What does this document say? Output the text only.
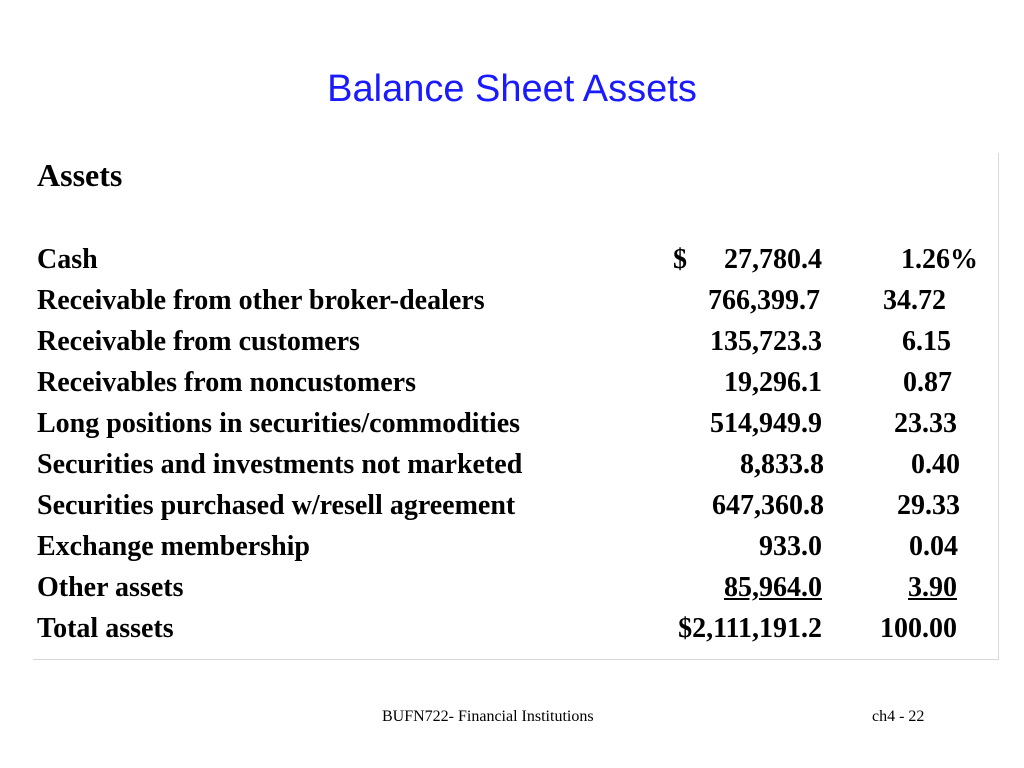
Balance Sheet Assets
Assets
Cash	$ 27,780.4	1.26%
Receivable from other broker-dealers	766,399.7 34.72
Receivable from customers	135,723.3	6.15
Receivables from noncustomers	19,296.1	0.87
Long positions in securities/commodities	514,949.9	23.33
Securities and investments not marketed	8,833.8	0.40
Securities purchased w/resell agreement	647,360.8	29.33
Exchange membership	933.0	0.04
Other assets	85,964.0	3.90
Total assets	$2,111,191.2 100.00
BUFN722- Financial Institutions	ch4 - 22
